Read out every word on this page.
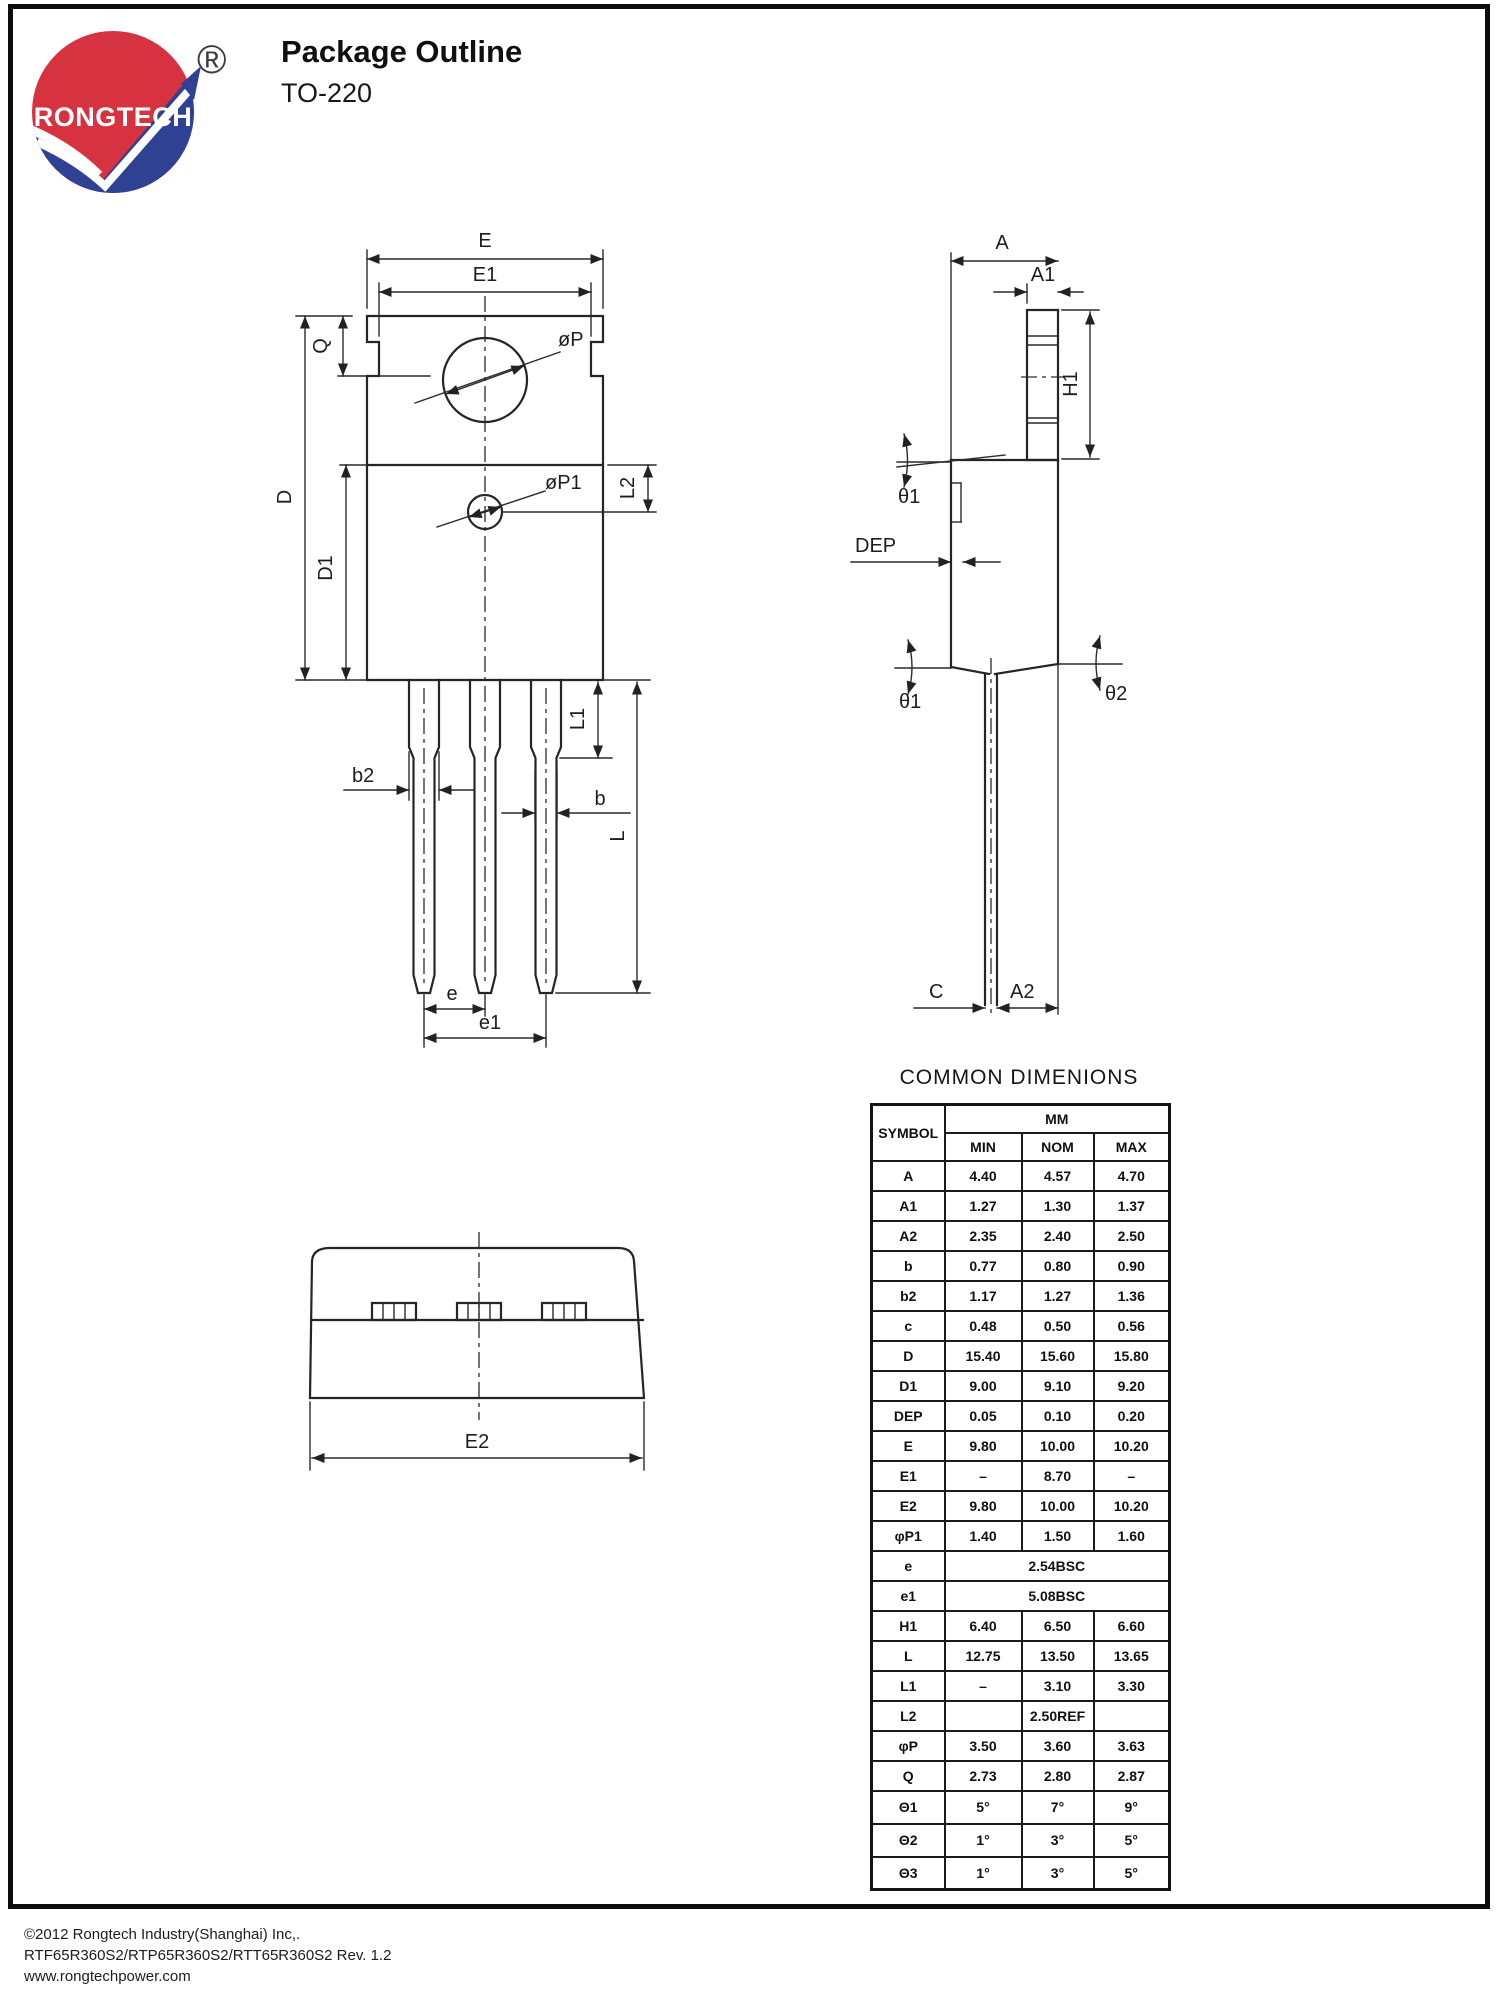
RONGTECH
® Package Outline
TO-220
E
E1
Q
D
D1
øP
øP1 L2
L1
L
b2
b
e
e1
A
A1
H1
θ1
DEP
θ1	θ2
C	A2
E2
COMMON DIMENIONS
SYMBOL	MM		
	MIN	NOM	MAX
A	4.40	4.57	4.70
A1	1.27	1.30	1.37
A2	2.35	2.40	2.50
b	0.77	0.80	0.90
b2	1.17	1.27	1.36
c	0.48	0.50	0.56
D	15.40	15.60	15.80
D1	9.00	9.10	9.20
DEP	0.05	0.10	0.20
E	9.80	10.00	10.20
E1	–	8.70	–
E2	9.80	10.00	10.20
φP1	1.40	1.50	1.60
e	2.54BSC		
e1	5.08BSC		
H1	6.40	6.50	6.60
L	12.75	13.50	13.65
L1	–	3.10	3.30
L2		2.50REF	
φP	3.50	3.60	3.63
Q	2.73	2.80	2.87
Θ1	5°	7°	9°
Θ2	1°	3°	5°
Θ3	1°	3°	5°
©2012 Rongtech Industry(Shanghai) Inc,.
RTF65R360S2/RTP65R360S2/RTT65R360S2 Rev. 1.2
www.rongtechpower.com
